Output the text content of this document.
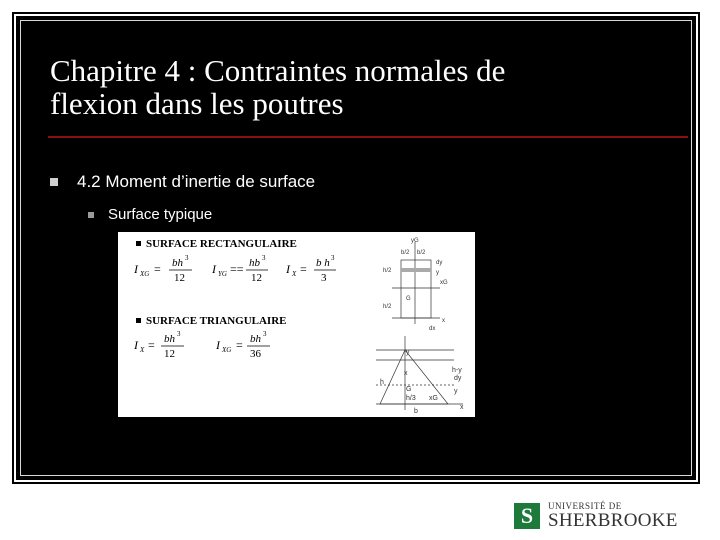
Chapitre 4 : Contraintes normales de
flexion dans les poutres
4.2 Moment d’inertie de surface
Surface typique
SURFACE RECTANGULAIRE
I XG = bh 3
12
I YG == hb 3
12
I X = b h 3
3
SURFACE TRIANGULAIRE
I X = bh 3
12
I XG = bh 3
36
yG
b/2 b/2
dy
y
h/2
h/2
xG
G
x
dx
y
h-y
dy
x
h
y
G
h/3 xG
b
x
S	UNIVERSITÉ DE
SHERBROOKE
